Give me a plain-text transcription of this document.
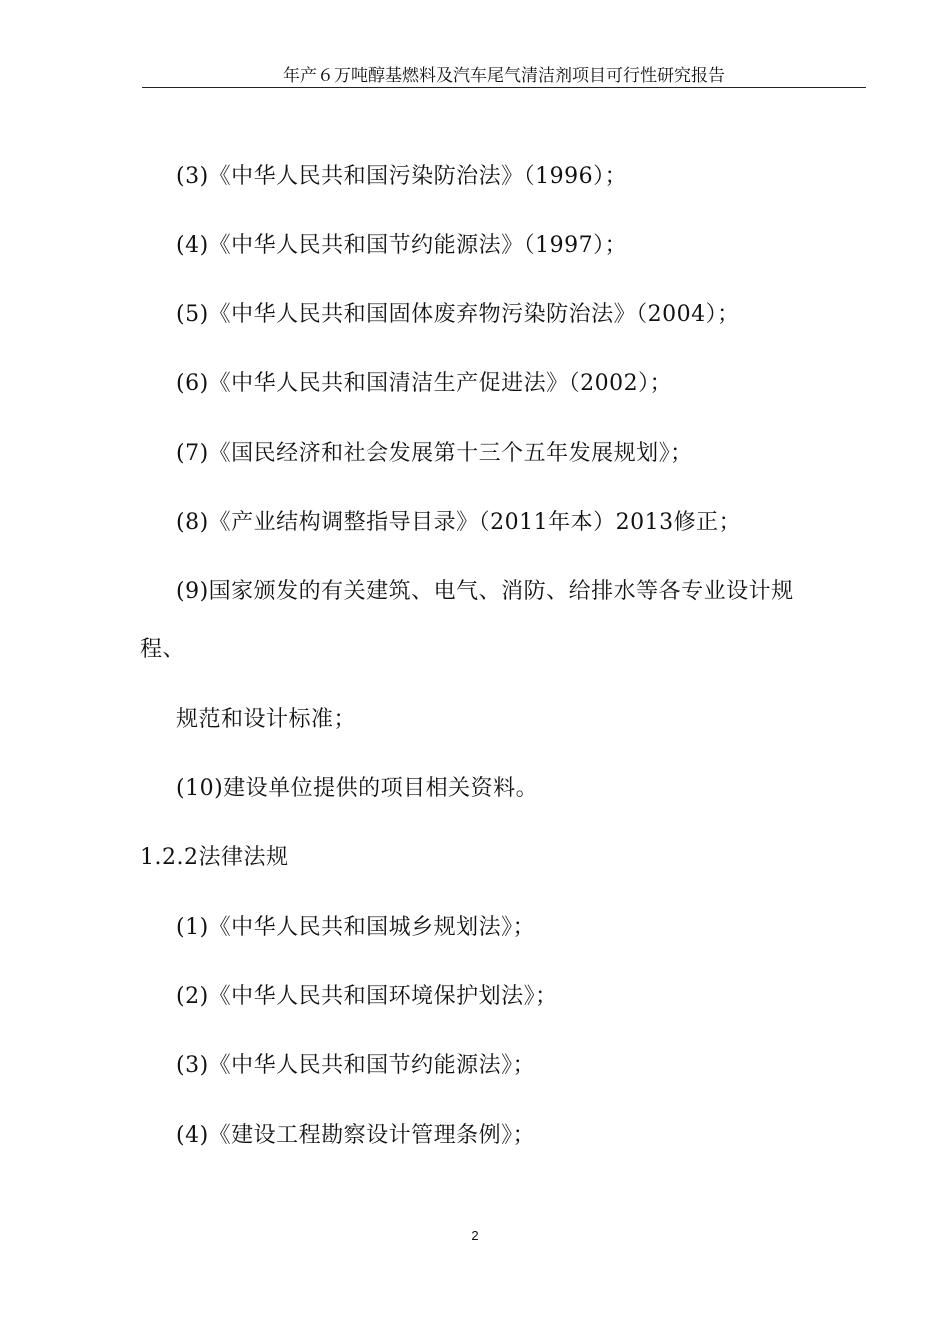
年产６万吨醇基燃料及汽车尾气清洁剂项目可行性研究报告
(3)《中华人民共和国污染防治法》（1996）；
(4)《中华人民共和国节约能源法》（1997）；
(5)《中华人民共和国固体废弃物污染防治法》（2004）；
(6)《中华人民共和国清洁生产促进法》（2002）；
(7)《国民经济和社会发展第十三个五年发展规划》；
(8)《产业结构调整指导目录》（2011年本）2013修正；
(9)国家颁发的有关建筑、电气、消防、给排水等各专业设计规
程、
规范和设计标准；
(10)建设单位提供的项目相关资料。
1.2.2法律法规
(1)《中华人民共和国城乡规划法》；
(2)《中华人民共和国环境保护划法》；
(3)《中华人民共和国节约能源法》；
(4)《建设工程勘察设计管理条例》；
2
